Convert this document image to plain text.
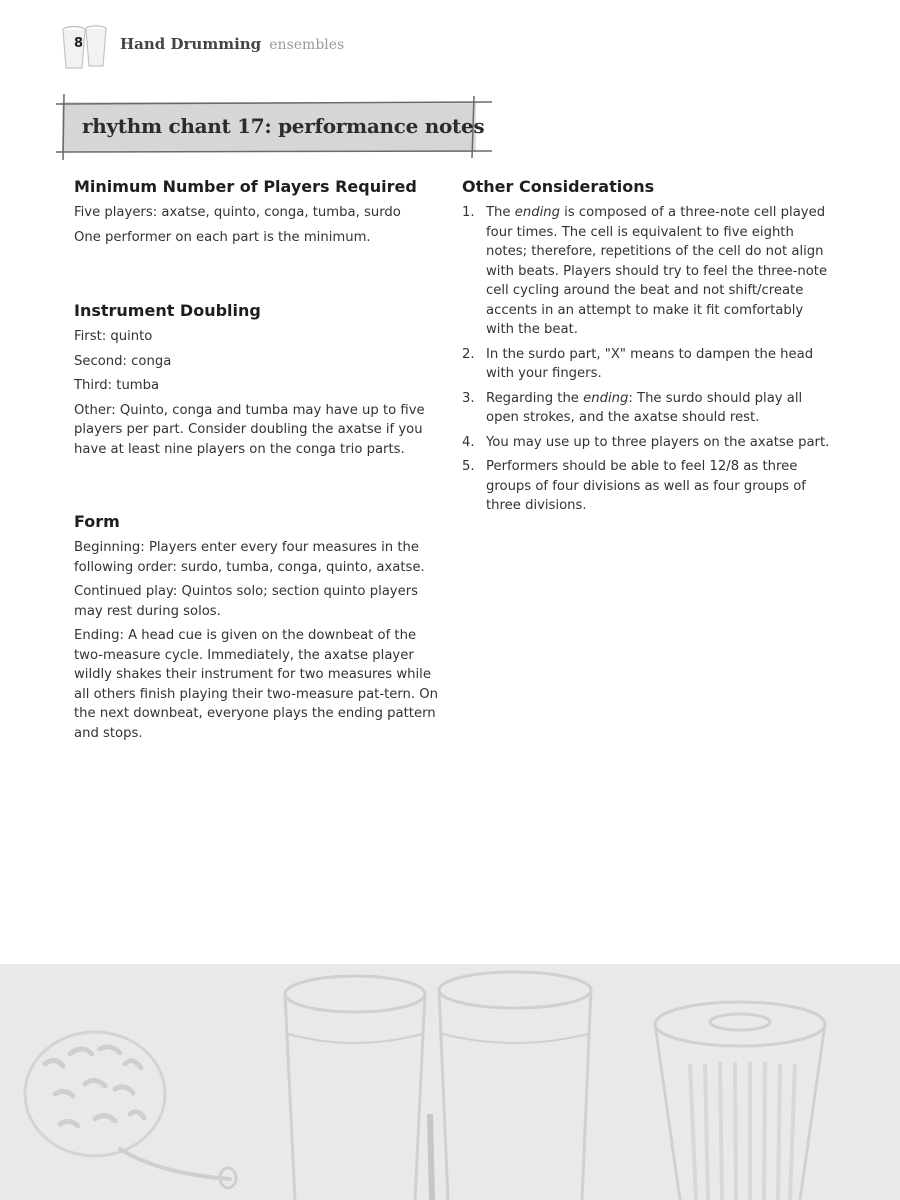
8 Hand Drumming ensembles
rhythm chant 17: performance notes
Minimum Number of Players Required

Five players: axatse, quinto, conga, tumba, surdo

One performer on each part is the minimum.

Instrument Doubling

First: quinto

Second: conga

Third: tumba

Other: Quinto, conga and tumba may have up to five players per part. Consider doubling the axatse if you have at least nine players on the conga trio parts.

Form

Beginning: Players enter every four measures in the following order: surdo, tumba, conga, quinto, axatse.

Continued play: Quintos solo; section quinto players may rest during solos.

Ending: A head cue is given on the downbeat of the two-measure cycle. Immediately, the axatse player wildly shakes their instrument for two measures while all others finish playing their two-measure pat-tern. On the next downbeat, everyone plays the ending pattern and stops.

Other Considerations
1. The ending is composed of a three-note cell played four times. The cell is equivalent to five eighth notes; therefore, repetitions of the cell do not align with beats. Players should try to feel the three-note cell cycling around the beat and not shift/create accents in an attempt to make it fit comfortably with the beat.
2. In the surdo part, "X" means to dampen the head with your fingers.
3. Regarding the ending: The surdo should play all open strokes, and the axatse should rest.
4. You may use up to three players on the axatse part.
5. Performers should be able to feel 12/8 as three groups of four divisions as well as four groups of three divisions.
